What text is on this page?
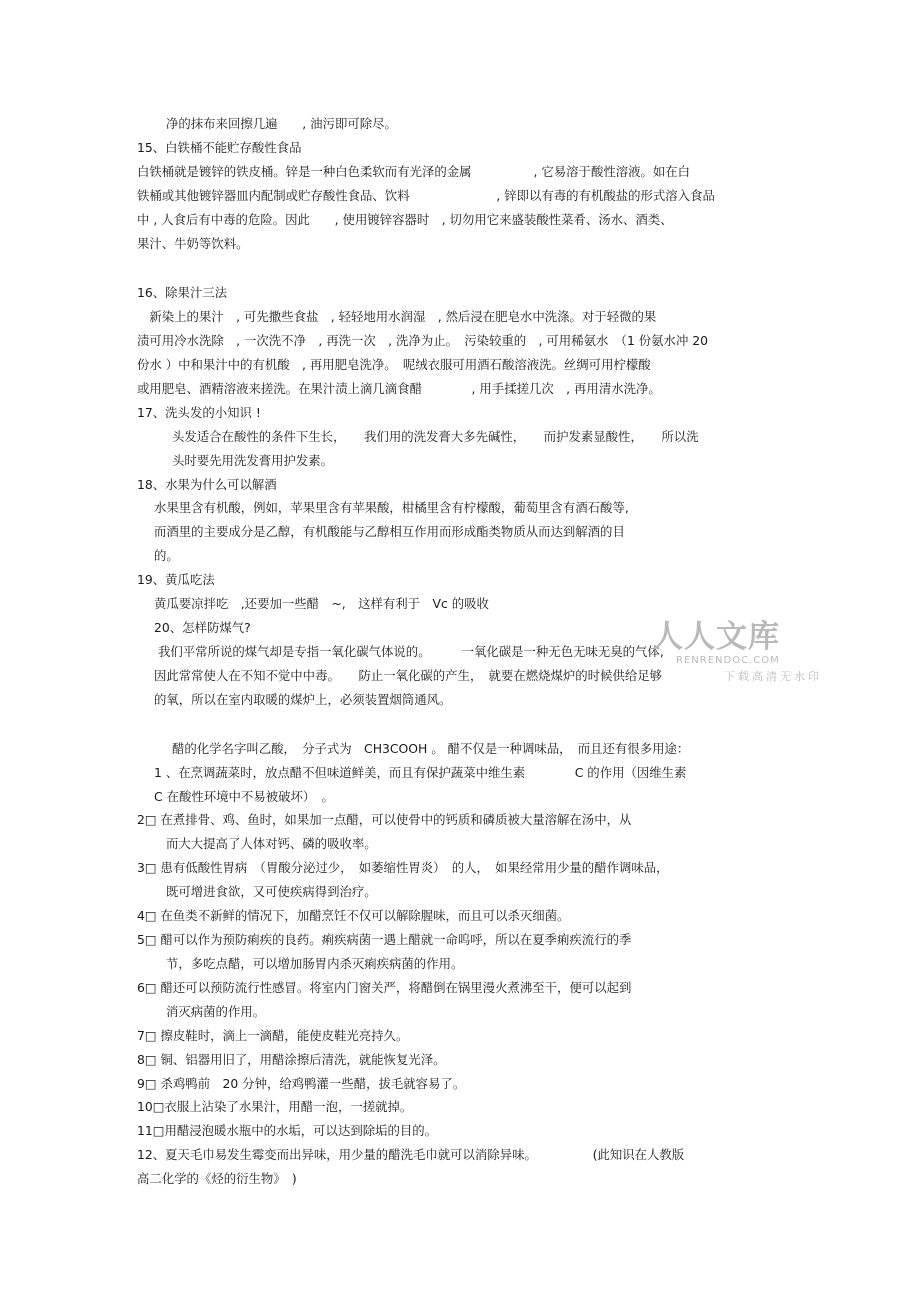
净的抹布来回擦几遍　　, 油污即可除尽。
15、白铁桶不能贮存酸性食品
白铁桶就是镀锌的铁皮桶。锌是一种白色柔软而有光泽的金属　　　　　, 它易溶于酸性溶液。如在白
铁桶或其他镀锌器皿内配制或贮存酸性食品、饮料　　　　　　　, 锌即以有毒的有机酸盐的形式溶入食品
中 , 人食后有中毒的危险。因此　　, 使用镀锌容器时　, 切勿用它来盛装酸性菜肴、汤水、酒类、
果汁、牛奶等饮料。
16、除果汁三法
　新染上的果汁　, 可先撒些食盐　, 轻轻地用水润湿　, 然后浸在肥皂水中洗涤。对于轻微的果
渍可用冷水洗除　, 一次洗不净　, 再洗一次　, 洗净为止。　污染较重的　, 可用稀氨水　（1 份氨水冲 20
份水 ）中和果汁中的有机酸　, 再用肥皂洗净。　呢绒衣服可用酒石酸溶液洗。丝绸可用柠檬酸
或用肥皂、酒精溶液来搓洗。在果汁渍上滴几滴食醋　　　　, 用手揉搓几次　, 再用清水洗净。
17、洗头发的小知识 !
头发适合在酸性的条件下生长，　　我们用的洗发膏大多先碱性，　　而护发素显酸性，　　所以洗
头时要先用洗发膏用护发素。
18、水果为什么可以解酒
水果里含有机酸，例如，苹果里含有苹果酸，柑橘里含有柠檬酸，葡萄里含有酒石酸等,
而酒里的主要成分是乙醇，有机酸能与乙醇相互作用而形成酯类物质从而达到解酒的目
的。
19、黄瓜吃法
黄瓜要凉拌吃　,还要加一些醋　~,　这样有利于　Vc 的吸收
20、怎样防煤气?
我们平常所说的煤气却是专指一氧化碳气体说的。　　　一氧化碳是一种无色无味无臭的气体,
因此常常使人在不知不觉中中毒。　　防止一氧化碳的产生，　就要在燃烧煤炉的时候供给足够
的氧，所以在室内取暖的煤炉上，必须装置烟筒通风。
醋的化学名字叫乙酸，　分子式为　CH3COOH 。 醋不仅是一种调味品，　而且还有很多用途：
1 、在烹调蔬菜时，放点醋不但味道鲜美，而且有保护蔬菜中维生素　　　　C 的作用（因维生素
C 在酸性环境中不易被破坏）　。
2□ 在煮排骨、鸡、鱼时，如果加一点醋，可以使骨中的钙质和磷质被大量溶解在汤中，从
而大大提高了人体对钙、磷的吸收率。
3□ 患有低酸性胃病　（胃酸分泌过少，　如萎缩性胃炎）　的人，　如果经常用少量的醋作调味品，
既可增进食欲，又可使疾病得到治疗。
4□ 在鱼类不新鲜的情况下，加醋烹饪不仅可以解除腥味，而且可以杀灭细菌。
5□ 醋可以作为预防痢疾的良药。痢疾病菌一遇上醋就一命呜呼，所以在夏季痢疾流行的季
节，多吃点醋，可以增加肠胃内杀灭痢疾病菌的作用。
6□ 醋还可以预防流行性感冒。将室内门窗关严，将醋倒在锅里漫火煮沸至干，便可以起到
消灭病菌的作用。
7□ 擦皮鞋时，滴上一滴醋，能使皮鞋光亮持久。
8□ 铜、铝器用旧了，用醋涂擦后清洗，就能恢复光泽。
9□ 杀鸡鸭前　20 分钟，给鸡鸭灌一些醋，拔毛就容易了。
10□衣服上沾染了水果汁，用醋一泡，一搓就掉。
11□用醋浸泡暖水瓶中的水垢，可以达到除垢的目的。
12、夏天毛巾易发生霉变而出异味，用少量的醋洗毛巾就可以消除异味。　　　　　(此知识在人教版
高二化学的《烃的衍生物》　)
人人文库
RENRENDOC.COM
下载高清无水印
